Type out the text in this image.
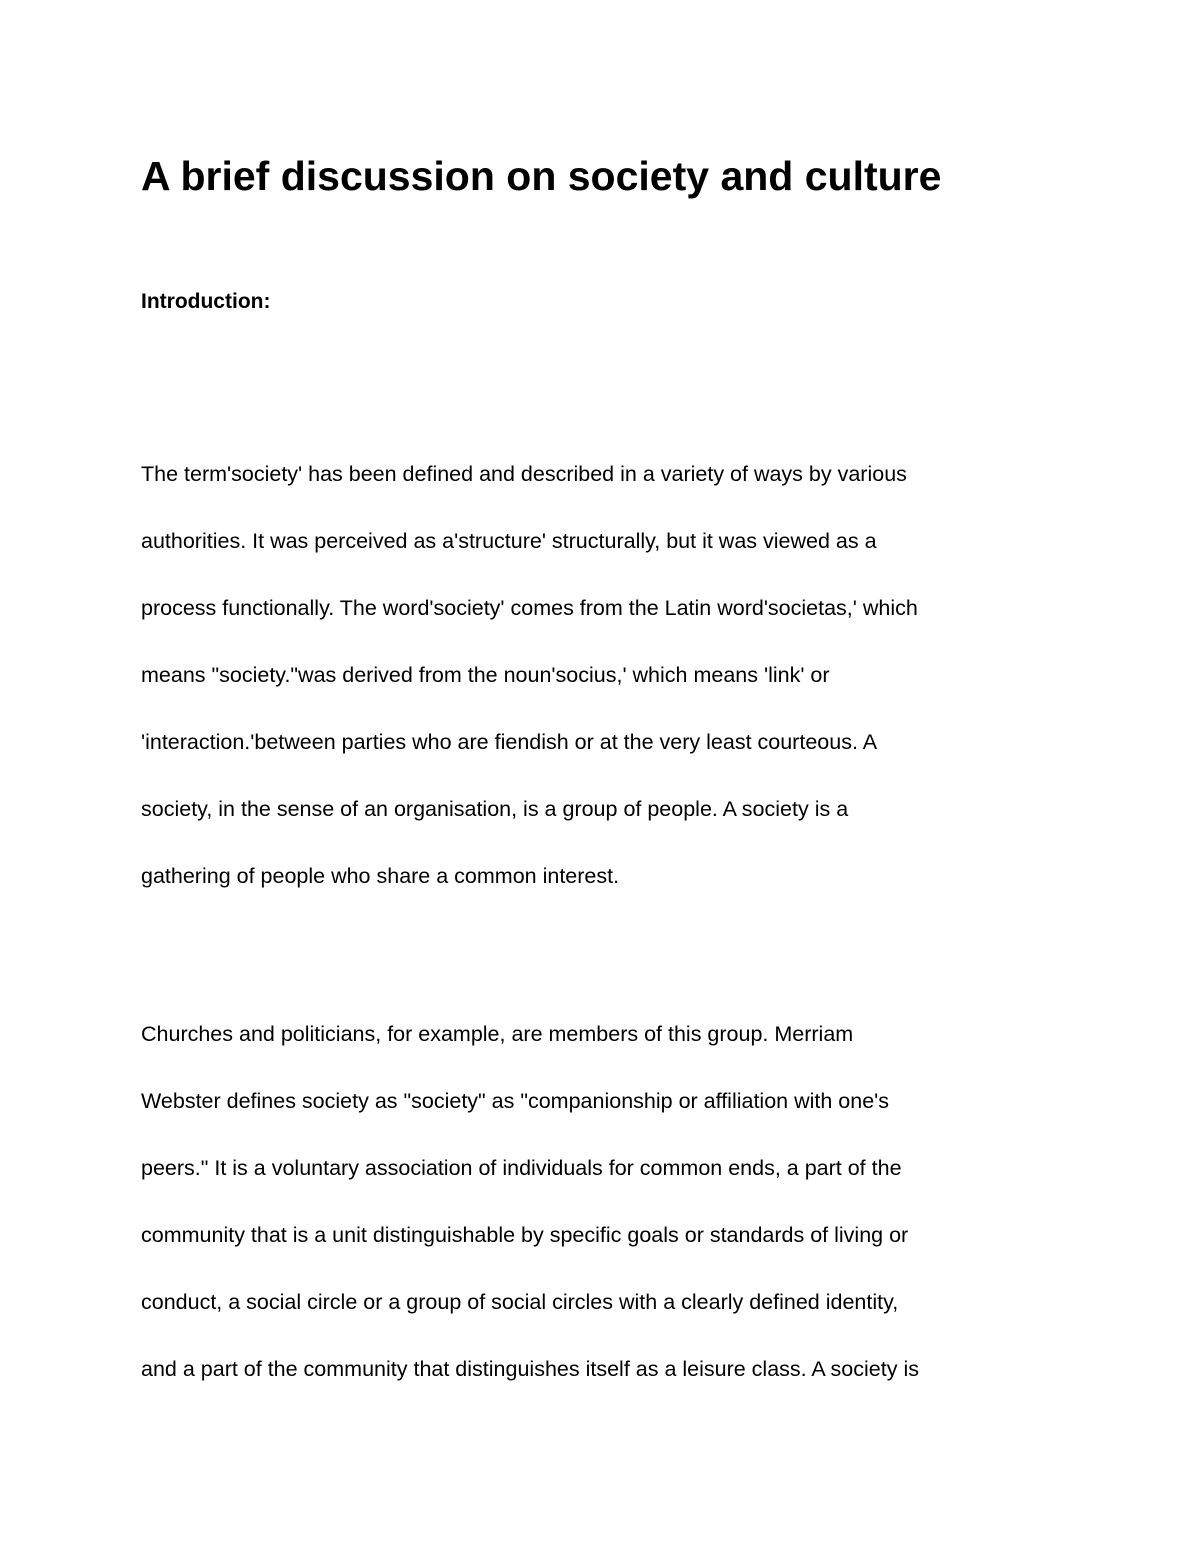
A brief discussion on society and culture
Introduction:

The term'society' has been defined and described in a variety of ways by various

authorities. It was perceived as a'structure' structurally, but it was viewed as a

process functionally. The word'society' comes from the Latin word'societas,' which

means "society."was derived from the noun'socius,' which means 'link' or

'interaction.'between parties who are fiendish or at the very least courteous. A

society, in the sense of an organisation, is a group of people. A society is a

gathering of people who share a common interest.

Churches and politicians, for example, are members of this group. Merriam

Webster defines society as "society" as "companionship or affiliation with one's

peers." It is a voluntary association of individuals for common ends, a part of the

community that is a unit distinguishable by specific goals or standards of living or

conduct, a social circle or a group of social circles with a clearly defined identity,

and a part of the community that distinguishes itself as a leisure class. A society is
